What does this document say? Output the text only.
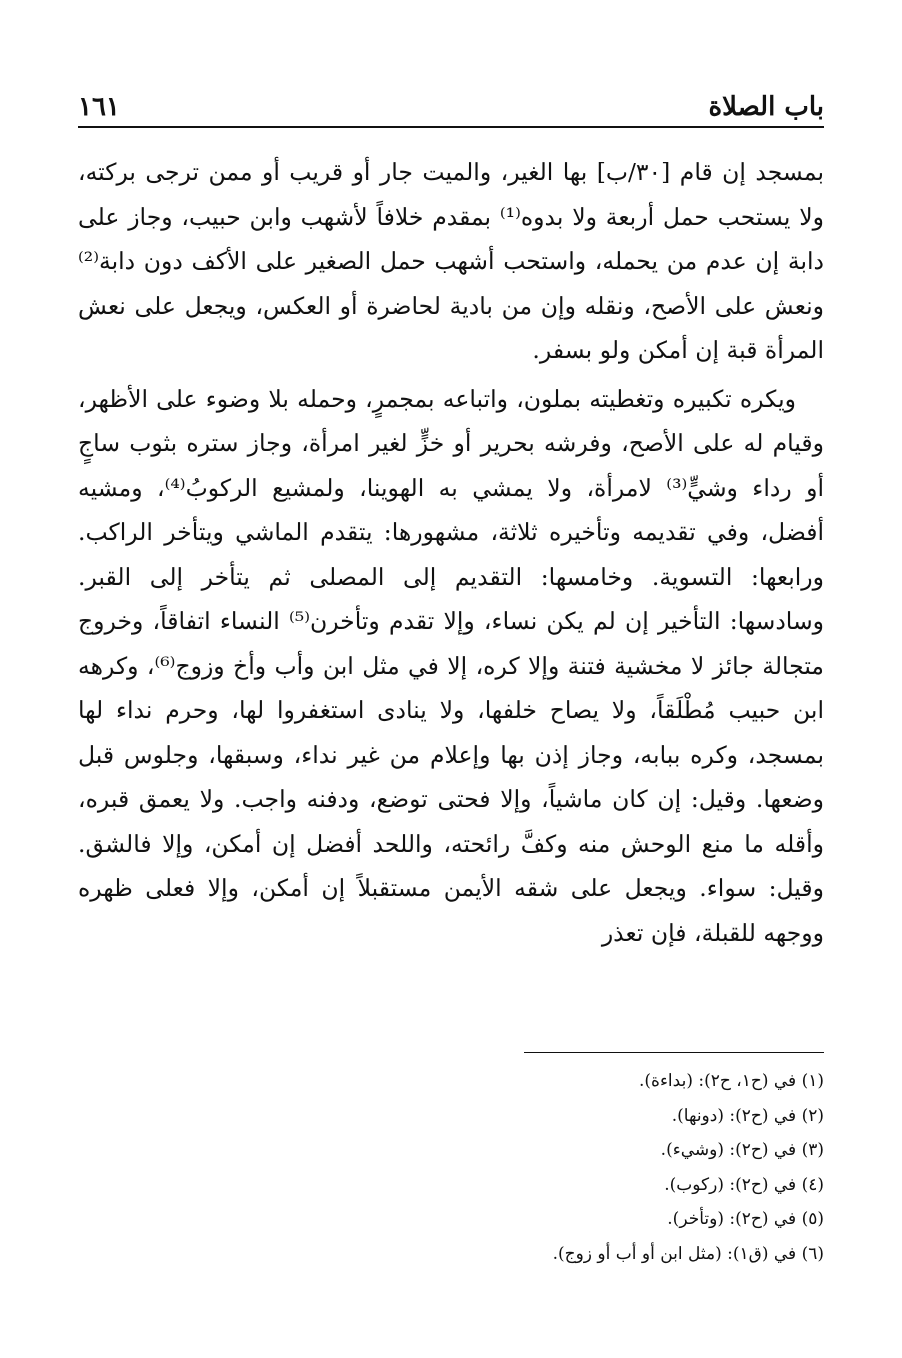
باب الصلاة
١٦١

بمسجد إن قام [٣٠/ب] بها الغير، والميت جار أو قريب أو ممن ترجى بركته، ولا يستحب حمل أربعة ولا بدوه⁽¹⁾ بمقدم خلافاً لأشهب وابن حبيب، وجاز على دابة إن عدم من يحمله، واستحب أشهب حمل الصغير على الأكف دون دابة⁽²⁾ ونعش على الأصح، ونقله وإن من بادية لحاضرة أو العكس، ويجعل على نعش المرأة قبة إن أمكن ولو بسفر.

ويكره تكبيره وتغطيته بملون، واتباعه بمجمرٍ، وحمله بلا وضوء على الأظهر، وقيام له على الأصح، وفرشه بحرير أو خزٍّ لغير امرأة، وجاز ستره بثوب ساجٍ أو رداء وشيٍّ⁽³⁾ لامرأة، ولا يمشي به الهوينا، ولمشيع الركوبُ⁽⁴⁾، ومشيه أفضل، وفي تقديمه وتأخيره ثلاثة، مشهورها: يتقدم الماشي ويتأخر الراكب. ورابعها: التسوية. وخامسها: التقديم إلى المصلى ثم يتأخر إلى القبر. وسادسها: التأخير إن لم يكن نساء، وإلا تقدم وتأخرن⁽⁵⁾ النساء اتفاقاً، وخروج متجالة جائز لا مخشية فتنة وإلا كره، إلا في مثل ابن وأب وأخ وزوج⁽⁶⁾، وكرهه ابن حبيب مُطْلَقاً، ولا يصاح خلفها، ولا ينادى استغفروا لها، وحرم نداء لها بمسجد، وكره ببابه، وجاز إذن بها وإعلام من غير نداء، وسبقها، وجلوس قبل وضعها. وقيل: إن كان ماشياً، وإلا فحتى توضع، ودفنه واجب. ولا يعمق قبره، وأقله ما منع الوحش منه وكفَّ رائحته، واللحد أفضل إن أمكن، وإلا فالشق. وقيل: سواء. ويجعل على شقه الأيمن مستقبلاً إن أمكن، وإلا فعلى ظهره ووجهه للقبلة، فإن تعذر

(١) في (ح١، ح٢): (بداءة).
(٢) في (ح٢): (دونها).
(٣) في (ح٢): (وشيء).
(٤) في (ح٢): (ركوب).
(٥) في (ح٢): (وتأخر).
(٦) في (ق١): (مثل ابن أو أب أو زوج).
